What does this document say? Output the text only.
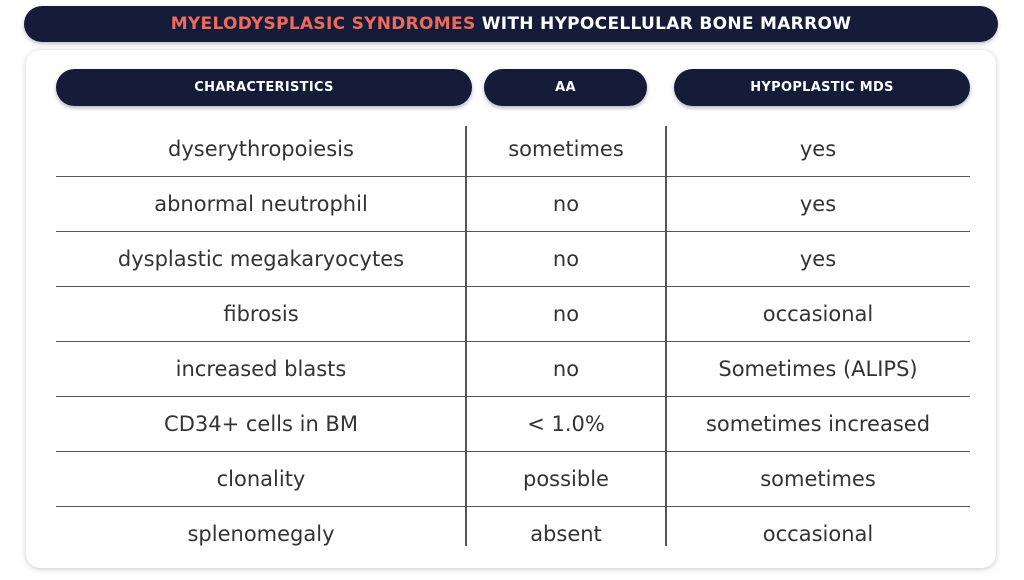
MYELODYSPLASIC SYNDROMES
WITH HYPOCELLULAR BONE MARROW
CHARACTERISTICS	AA	HYPOPLASTIC MDS
dyserythropoiesis	sometimes	yes
abnormal neutrophil	no	yes
dysplastic megakaryocytes	no	yes
fibrosis	no	occasional
increased blasts	no	Sometimes (ALIPS)
CD34+ cells in BM	< 1.0%	sometimes increased
clonality	possible	sometimes
splenomegaly	absent	occasional
